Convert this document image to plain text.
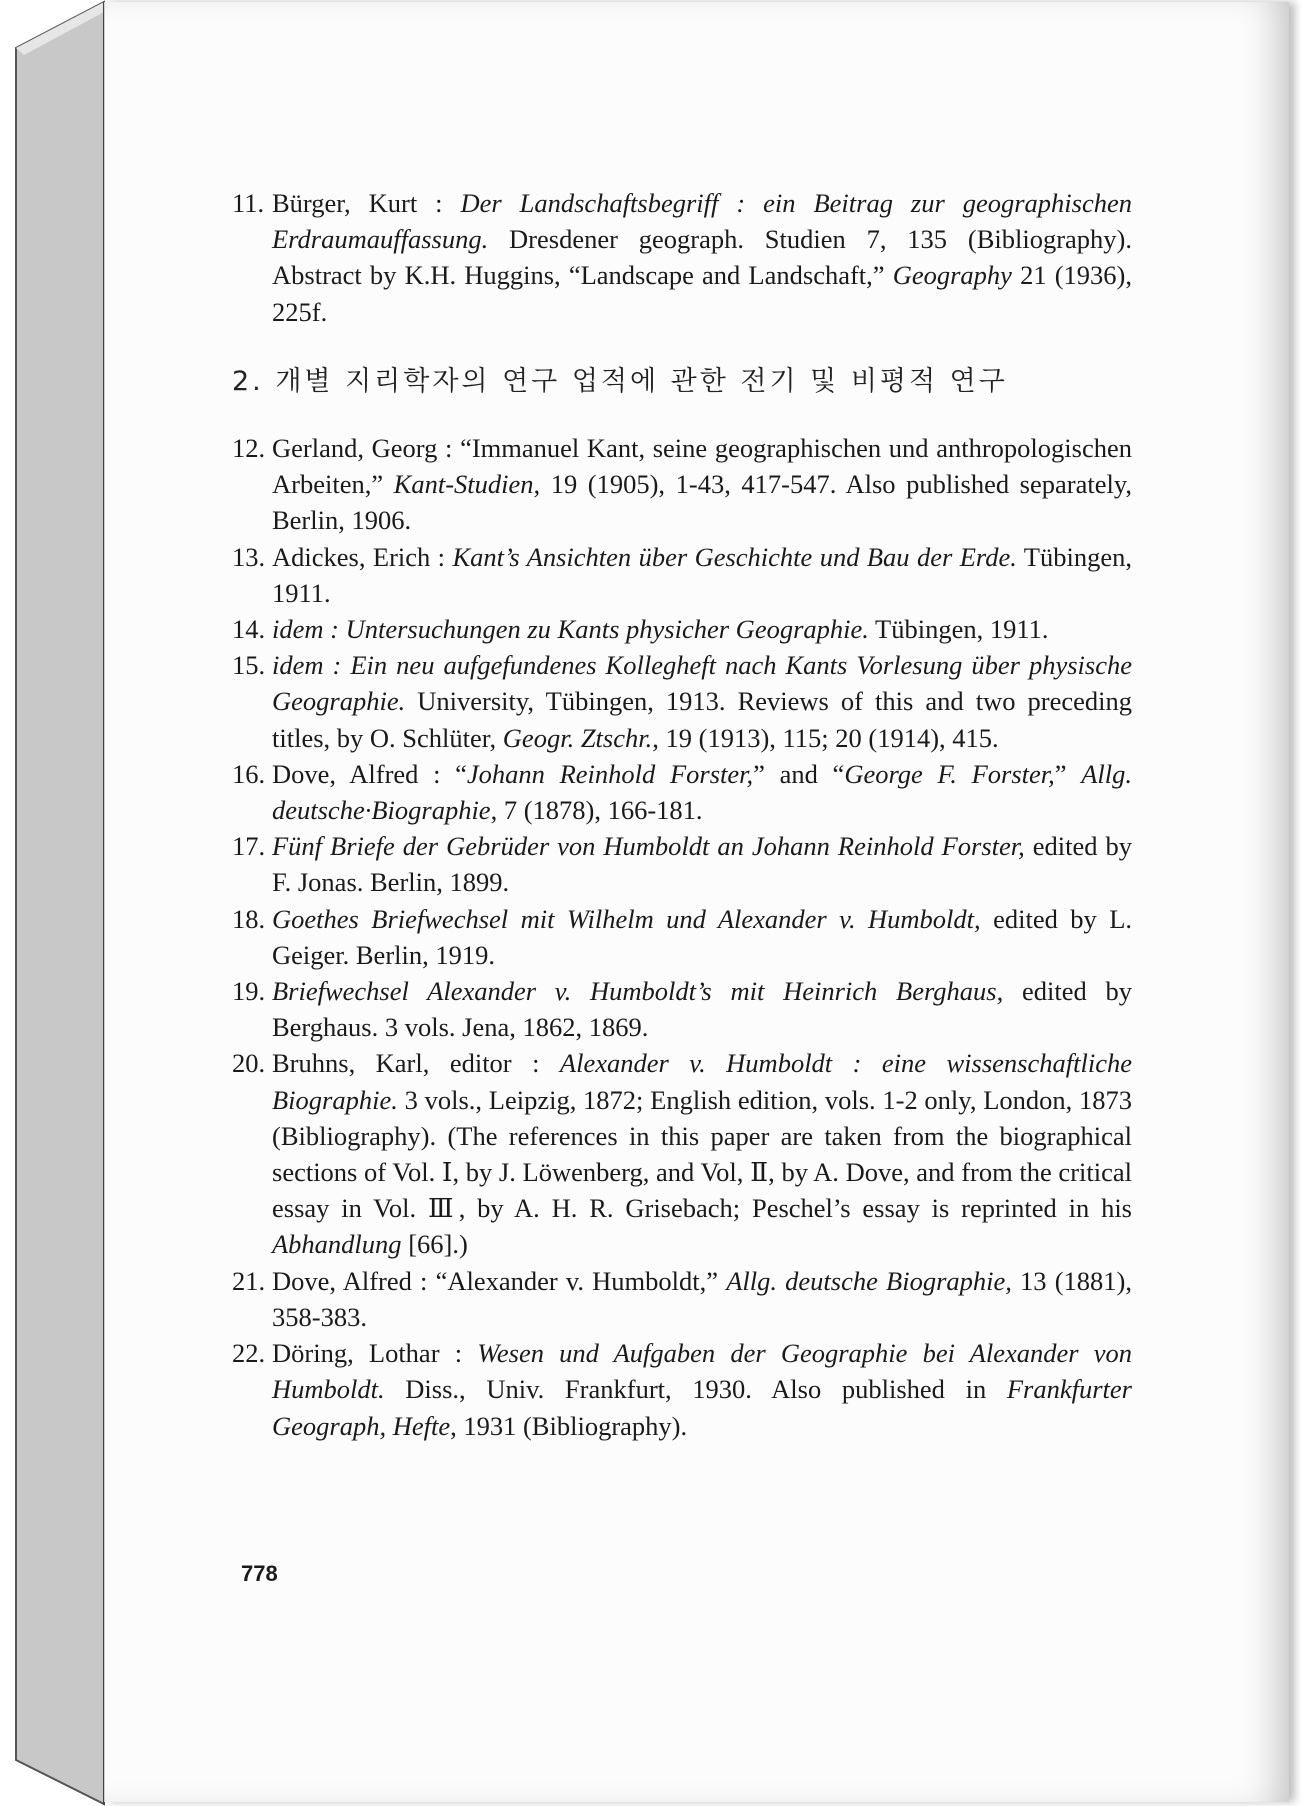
11. Bürger, Kurt : Der Landschaftsbegriff : ein Beitrag zur geographischen Erdraumauffassung. Dresdener geograph. Studien 7, 135 (Bibliography). Abstract by K.H. Huggins, “Landscape and Landschaft,” Geography 21 (1936), 225f.
2. 개별 지리학자의 연구 업적에 관한 전기 및 비평적 연구
12. Gerland, Georg : “Immanuel Kant, seine geographischen und anthropologischen Arbeiten,” Kant-Studien, 19 (1905), 1-43, 417-547. Also published separately, Berlin, 1906.
13. Adickes, Erich : Kant’s Ansichten über Geschichte und Bau der Erde. Tübingen, 1911.
14. idem : Untersuchungen zu Kants physicher Geographie. Tübingen, 1911.
15. idem : Ein neu aufgefundenes Kollegheft nach Kants Vorlesung über physische Geographie. University, Tübingen, 1913. Reviews of this and two preceding titles, by O. Schlüter, Geogr. Ztschr., 19 (1913), 115; 20 (1914), 415.
16. Dove, Alfred : “Johann Reinhold Forster,” and “George F. Forster,” Allg. deutsche·Biographie, 7 (1878), 166-181.
17. Fünf Briefe der Gebrüder von Humboldt an Johann Reinhold Forster, edited by F. Jonas. Berlin, 1899.
18. Goethes Briefwechsel mit Wilhelm und Alexander v. Humboldt, edited by L. Geiger. Berlin, 1919.
19. Briefwechsel Alexander v. Humboldt’s mit Heinrich Berghaus, edited by Berghaus. 3 vols. Jena, 1862, 1869.
20. Bruhns, Karl, editor : Alexander v. Humboldt : eine wissenschaftliche Biographie. 3 vols., Leipzig, 1872; English edition, vols. 1-2 only, London, 1873 (Bibliography). (The references in this paper are taken from the biographical sections of Vol. Ⅰ, by J. Löwenberg, and Vol, Ⅱ, by A. Dove, and from the critical essay in Vol. Ⅲ, by A. H. R. Grisebach; Peschel’s essay is reprinted in his Abhandlung [66].)
21. Dove, Alfred : “Alexander v. Humboldt,” Allg. deutsche Biographie, 13 (1881), 358-383.
22. Döring, Lothar : Wesen und Aufgaben der Geographie bei Alexander von Humboldt. Diss., Univ. Frankfurt, 1930. Also published in Frankfurter Geograph, Hefte, 1931 (Bibliography).
778
